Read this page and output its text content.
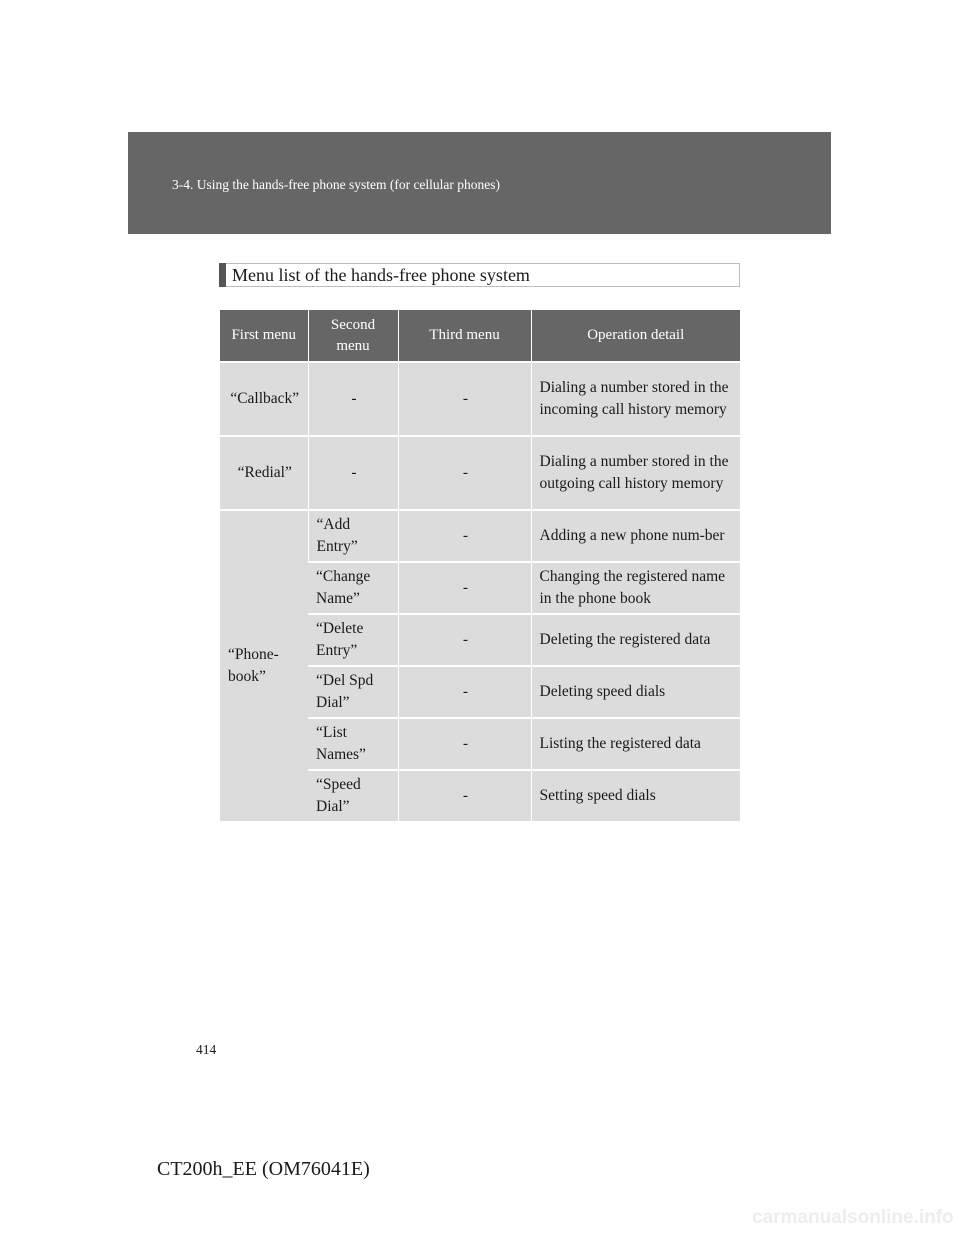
3-4. Using the hands-free phone system (for cellular phones)
Menu list of the hands-free phone system
First menu	Second menu	Third menu	Operation detail
“Callback”	-	-	Dialing a number stored in the incoming call history memory
“Redial”	-	-	Dialing a number stored in the outgoing call history memory
“Phone-book”	“Add Entry”	-	Adding a new phone num-ber
	“Change Name”	-	Changing the registered name in the phone book
	“Delete Entry”	-	Deleting the registered data
	“Del Spd Dial”	-	Deleting speed dials
	“List Names”	-	Listing the registered data
	“Speed Dial”	-	Setting speed dials
414
CT200h_EE (OM76041E)
carmanualsonline.info
